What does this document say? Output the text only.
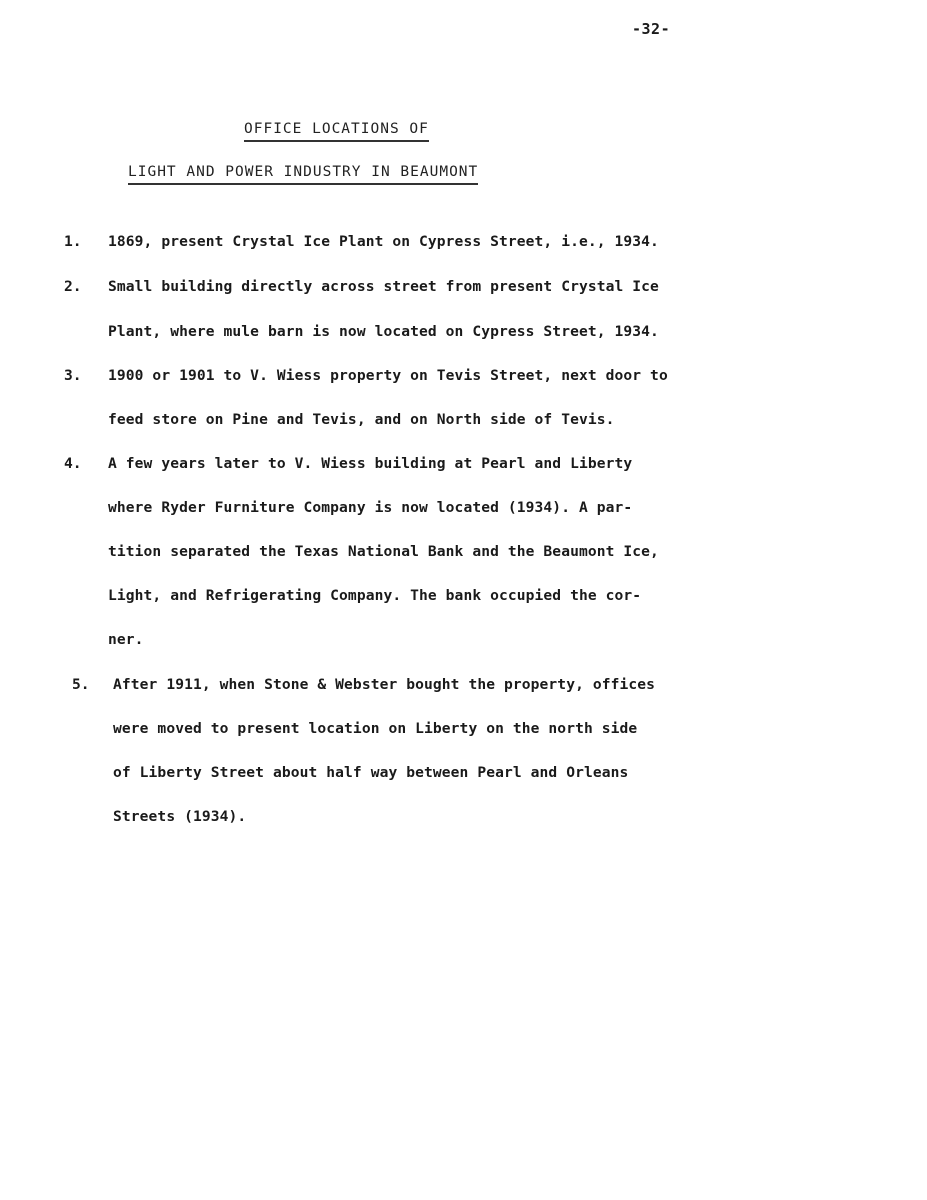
-32-
OFFICE LOCATIONS OF
LIGHT AND POWER INDUSTRY IN BEAUMONT
1. 1869, present Crystal Ice Plant on Cypress Street, i.e., 1934.
2. Small building directly across street from present Crystal Ice
Plant, where mule barn is now located on Cypress Street, 1934.
3. 1900 or 1901 to V. Wiess property on Tevis Street, next door to
feed store on Pine and Tevis, and on North side of Tevis.
4. A few years later to V. Wiess building at Pearl and Liberty
where Ryder Furniture Company is now located (1934). A par-
tition separated the Texas National Bank and the Beaumont Ice,
Light, and Refrigerating Company. The bank occupied the cor-
ner.
5. After 1911, when Stone & Webster bought the property, offices
were moved to present location on Liberty on the north side
of Liberty Street about half way between Pearl and Orleans
Streets (1934).
